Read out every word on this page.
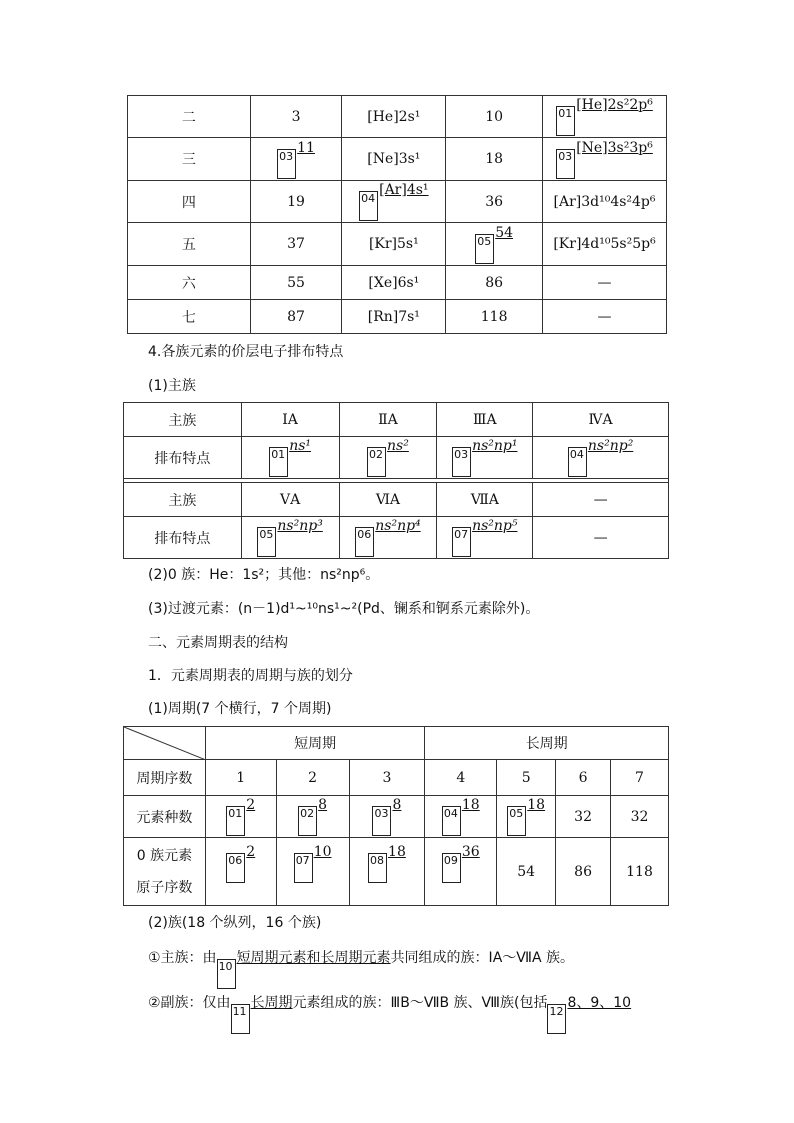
二	3	[He]2s¹	10	01[He]2s²2p⁶
三	0311	[Ne]3s¹	18	03[Ne]3s²3p⁶
四	19	04[Ar]4s¹	36	[Ar]3d¹⁰4s²4p⁶
五	37	[Kr]5s¹	0554	[Kr]4d¹⁰5s²5p⁶
六	55	[Xe]6s¹	86	—
七	87	[Rn]7s¹	118	—
4.各族元素的价层电子排布特点
(1)主族
主族	ⅠA	ⅡA	ⅢA	ⅣA
排布特点	01ns¹	02ns²	03ns²np¹	04ns²np²

主族	ⅤA	ⅥA	ⅦA	—
排布特点	05ns²np³	06ns²np⁴	07ns²np⁵	—
(2)0 族：He：1s²；其他：ns²np⁶。
(3)过渡元素：(n－1)d¹~¹⁰ns¹~²(Pd、镧系和锕系元素除外)。
二、元素周期表的结构
1．元素周期表的周期与族的划分
(1)周期(7 个横行，7 个周期)
	短周期			长周期			
周期序数	1	2	3	4	5	6	7
元素种数	012	028	038	0418	0518	32	32
0 族元素
原子序数	062	0710	0818	0936	54	86	118
(2)族(18 个纵列，16 个族)
①主族：由10短周期元素和长周期元素共同组成的族：ⅠA～ⅦA 族。
②副族：仅由11长周期元素组成的族：ⅢB～ⅦB 族、Ⅷ族(包括128、9、10
